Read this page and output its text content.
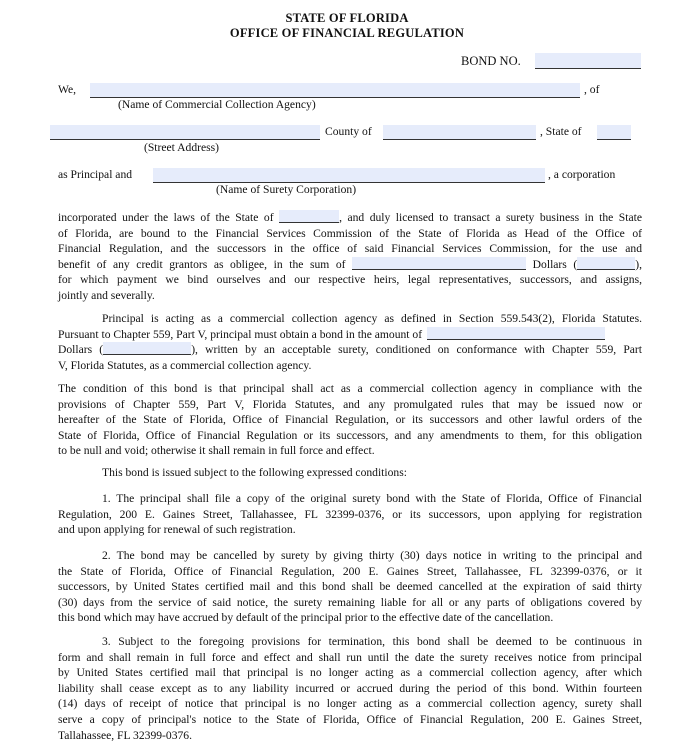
STATE OF FLORIDA
OFFICE OF FINANCIAL REGULATION
BOND NO.
We,	, of
(Name of Commercial Collection Agency)
County of	, State of
(Street Address)
as Principal and	, a corporation
(Name of Surety Corporation)
incorporated under the laws of the State of	, and duly licensed to transact a surety business in the State
of Florida, are bound to the Financial Services Commission of the State of Florida as Head of the Office of
Financial Regulation, and the successors in the office of said Financial Services Commission, for the use and
benefit of any credit grantors as obligee, in the sum of	Dollars (	),
for which payment we bind ourselves and our respective heirs, legal representatives, successors, and assigns,
jointly and severally.
Principal is acting as a commercial collection agency as defined in Section 559.543(2), Florida Statutes.
Pursuant to Chapter 559, Part V, principal must obtain a bond in the amount of
Dollars (	), written by an acceptable surety, conditioned on conformance with Chapter 559, Part
V, Florida Statutes, as a commercial collection agency.
The condition of this bond is that principal shall act as a commercial collection agency in compliance with the
provisions of Chapter 559, Part V, Florida Statutes, and any promulgated rules that may be issued now or
hereafter of the State of Florida, Office of Financial Regulation, or its successors and other lawful orders of the
State of Florida, Office of Financial Regulation or its successors, and any amendments to them, for this obligation
to be null and void; otherwise it shall remain in full force and effect.
This bond is issued subject to the following expressed conditions:
1. The principal shall file a copy of the original surety bond with the State of Florida, Office of Financial
Regulation, 200 E. Gaines Street, Tallahassee, FL 32399-0376, or its successors, upon applying for registration
and upon applying for renewal of such registration.
2. The bond may be cancelled by surety by giving thirty (30) days notice in writing to the principal and
the State of Florida, Office of Financial Regulation, 200 E. Gaines Street, Tallahassee, FL 32399-0376, or it
successors, by United States certified mail and this bond shall be deemed cancelled at the expiration of said thirty
(30) days from the service of said notice, the surety remaining liable for all or any parts of obligations covered by
this bond which may have accrued by default of the principal prior to the effective date of the cancellation.
3. Subject to the foregoing provisions for termination, this bond shall be deemed to be continuous in
form and shall remain in full force and effect and shall run until the date the surety receives notice from principal
by United States certified mail that principal is no longer acting as a commercial collection agency, after which
liability shall cease except as to any liability incurred or accrued during the period of this bond. Within fourteen
(14) days of receipt of notice that principal is no longer acting as a commercial collection agency, surety shall
serve a copy of principal's notice to the State of Florida, Office of Financial Regulation, 200 E. Gaines Street,
Tallahassee, FL 32399-0376.
